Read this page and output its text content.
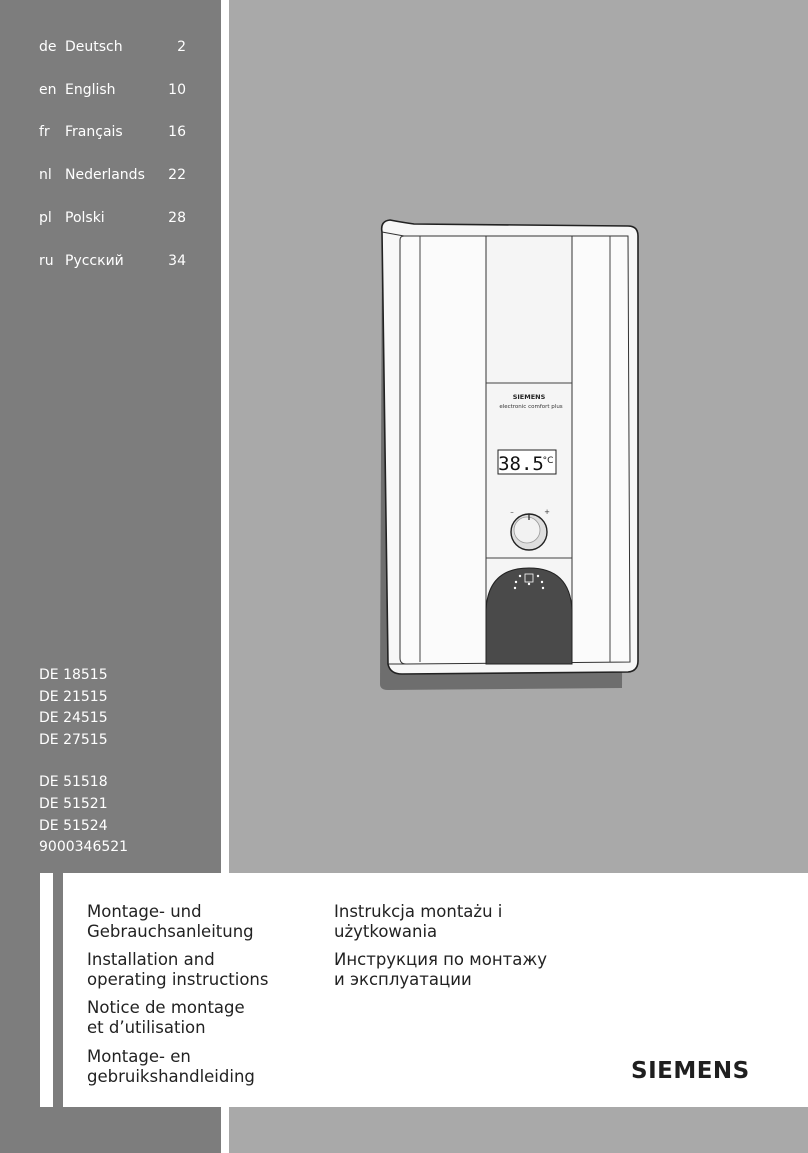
de Deutsch	2
en English	10
fr Français	16
nl Nederlands 22
pl Polski	28
ru Русский	34
DE 18515
DE 21515
DE 24515
DE 27515
DE 51518
DE 51521
DE 51524
9000346521
SIEMENS
electronic comfort plus
38.5
°C
–	+
Montage- und
Gebrauchsanleitung
Installation and
operating instructions
Notice de montage
et d’utilisation
Montage- en
gebruikshandleiding
Instrukcja montażu i
użytkowania
Инструкция по монтажу
и эксплуатации
SIEMENS
